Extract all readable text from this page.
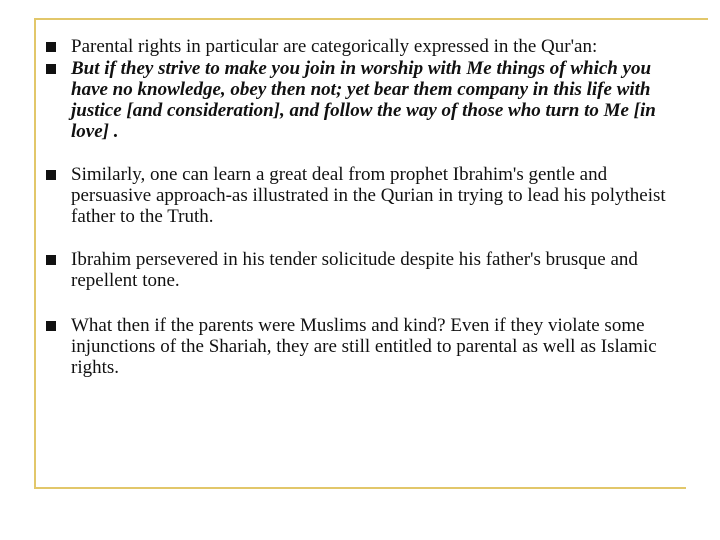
Parental rights in particular are categorically expressed in the Qur'an:
But if they strive to make you join in worship with Me things of which you have no knowledge, obey then not; yet bear them company in this life with justice [and consideration], and follow the way of those who turn to Me [in love] .
Similarly, one can learn a great deal from prophet Ibrahim's gentle and persuasive approach-as illustrated in the Qurian in trying to lead his polytheist father to the Truth.
Ibrahim persevered in his tender solicitude despite his father's brusque and repellent tone.
What then if the parents were Muslims and kind? Even if they violate some injunctions of the Shariah, they are still entitled to parental as well as Islamic rights.
